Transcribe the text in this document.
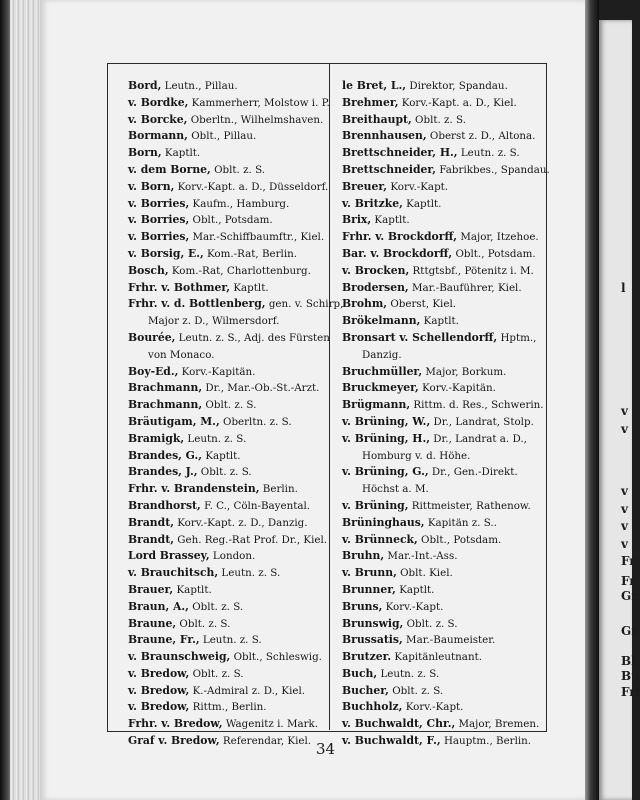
l
v
v
v
v
v
v
Fr
Fr
Gr
Gr
Bl
Bü
Fri
Bord, Leutn., Pillau.
v. Bordke, Kammerherr, Molstow i. P.
v. Borcke, Oberltn., Wilhelmshaven.
Bormann, Oblt., Pillau.
Born, Kaptlt.
v. dem Borne, Oblt. z. S.
v. Born, Korv.-Kapt. a. D., Düsseldorf.
v. Borries, Kaufm., Hamburg.
v. Borries, Oblt., Potsdam.
v. Borries, Mar.-Schiffbaumftr., Kiel.
v. Borsig, E., Kom.-Rat, Berlin.
Bosch, Kom.-Rat, Charlottenburg.
Frhr. v. Bothmer, Kaptlt.
Frhr. v. d. Bottlenberg, gen. v. Schirp,
Major z. D., Wilmersdorf.
Bourée, Leutn. z. S., Adj. des Fürsten
von Monaco.
Boy-Ed., Korv.-Kapitän.
Brachmann, Dr., Mar.-Ob.-St.-Arzt.
Brachmann, Oblt. z. S.
Bräutigam, M., Oberltn. z. S.
Bramigk, Leutn. z. S.
Brandes, G., Kaptlt.
Brandes, J., Oblt. z. S.
Frhr. v. Brandenstein, Berlin.
Brandhorst, F. C., Cöln-Bayental.
Brandt, Korv.-Kapt. z. D., Danzig.
Brandt, Geh. Reg.-Rat Prof. Dr., Kiel.
Lord Brassey, London.
v. Brauchitsch, Leutn. z. S.
Brauer, Kaptlt.
Braun, A., Oblt. z. S.
Braune, Oblt. z. S.
Braune, Fr., Leutn. z. S.
v. Braunschweig, Oblt., Schleswig.
v. Bredow, Oblt. z. S.
v. Bredow, K.-Admiral z. D., Kiel.
v. Bredow, Rittm., Berlin.
Frhr. v. Bredow, Wagenitz i. Mark.
Graf v. Bredow, Referendar, Kiel.
le Bret, L., Direktor, Spandau.
Brehmer, Korv.-Kapt. a. D., Kiel.
Breithaupt, Oblt. z. S.
Brennhausen, Oberst z. D., Altona.
Brettschneider, H., Leutn. z. S.
Brettschneider, Fabrikbes., Spandau.
Breuer, Korv.-Kapt.
v. Britzke, Kaptlt.
Brix, Kaptlt.
Frhr. v. Brockdorff, Major, Itzehoe.
Bar. v. Brockdorff, Oblt., Potsdam.
v. Brocken, Rttgtsbf., Pötenitz i. M.
Brodersen, Mar.-Bauführer, Kiel.
Brohm, Oberst, Kiel.
Brökelmann, Kaptlt.
Bronsart v. Schellendorff, Hptm.,
Danzig.
Bruchmüller, Major, Borkum.
Bruckmeyer, Korv.-Kapitän.
Brügmann, Rittm. d. Res., Schwerin.
v. Brüning, W., Dr., Landrat, Stolp.
v. Brüning, H., Dr., Landrat a. D.,
Homburg v. d. Höhe.
v. Brüning, G., Dr., Gen.-Direkt.
Höchst a. M.
v. Brüning, Rittmeister, Rathenow.
Brüninghaus, Kapitän z. S..
v. Brünneck, Oblt., Potsdam.
Bruhn, Mar.-Int.-Ass.
v. Brunn, Oblt. Kiel.
Brunner, Kaptlt.
Bruns, Korv.-Kapt.
Brunswig, Oblt. z. S.
Brussatis, Mar.-Baumeister.
Brutzer. Kapitänleutnant.
Buch, Leutn. z. S.
Bucher, Oblt. z. S.
Buchholz, Korv.-Kapt.
v. Buchwaldt, Chr., Major, Bremen.
v. Buchwaldt, F., Hauptm., Berlin.
34
